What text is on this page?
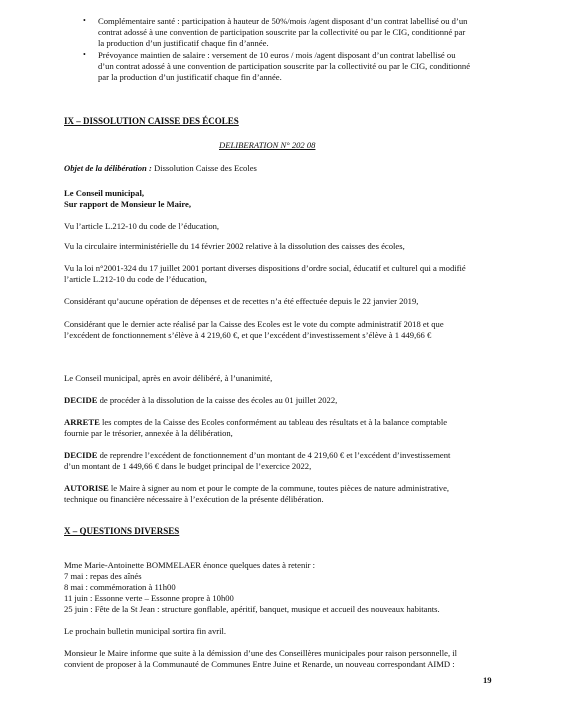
• Complémentaire santé : participation à hauteur de 50%/mois /agent disposant d’un contrat labellisé ou d’un
contrat adossé à une convention de participation souscrite par la collectivité ou par le CIG, conditionné par
la production d’un justificatif chaque fin d’année.
• Prévoyance maintien de salaire : versement de 10 euros / mois /agent disposant d’un contrat labellisé ou
d’un contrat adossé à une convention de participation souscrite par la collectivité ou par le CIG, conditionné
par la production d’un justificatif chaque fin d’année.
IX – DISSOLUTION CAISSE DES ÉCOLES
DELIBERATION N° 202 08
Objet de la délibération : Dissolution Caisse des Ecoles
Le Conseil municipal,
Sur rapport de Monsieur le Maire,
Vu l’article L.212-10 du code de l’éducation,
Vu la circulaire interministérielle du 14 février 2002 relative à la dissolution des caisses des écoles,
Vu la loi n°2001-324 du 17 juillet 2001 portant diverses dispositions d’ordre social, éducatif et culturel qui a modifié
l’article L.212-10 du code de l’éducation,
Considérant qu’aucune opération de dépenses et de recettes n’a été effectuée depuis le 22 janvier 2019,
Considérant que le dernier acte réalisé par la Caisse des Ecoles est le vote du compte administratif 2018 et que
l’excédent de fonctionnement s’élève à 4 219,60 €, et que l’excédent d’investissement s’élève à 1 449,66 €
Le Conseil municipal, après en avoir délibéré, à l’unanimité,
DECIDE de procéder à la dissolution de la caisse des écoles au 01 juillet 2022,
ARRETE les comptes de la Caisse des Ecoles conformément au tableau des résultats et à la balance comptable
fournie par le trésorier, annexée à la délibération,
DECIDE de reprendre l’excédent de fonctionnement d’un montant de 4 219,60 € et l’excédent d’investissement
d’un montant de 1 449,66 € dans le budget principal de l’exercice 2022,
AUTORISE le Maire à signer au nom et pour le compte de la commune, toutes pièces de nature administrative,
technique ou financière nécessaire à l’exécution de la présente délibération.
X – QUESTIONS DIVERSES
Mme Marie-Antoinette BOMMELAER énonce quelques dates à retenir :
7 mai : repas des aînés
8 mai : commémoration à 11h00
11 juin : Essonne verte – Essonne propre à 10h00
25 juin : Fête de la St Jean : structure gonflable, apéritif, banquet, musique et accueil des nouveaux habitants.
Le prochain bulletin municipal sortira fin avril.
Monsieur le Maire informe que suite à la démission d’une des Conseillères municipales pour raison personnelle, il
convient de proposer à la Communauté de Communes Entre Juine et Renarde, un nouveau correspondant AIMD :
19
